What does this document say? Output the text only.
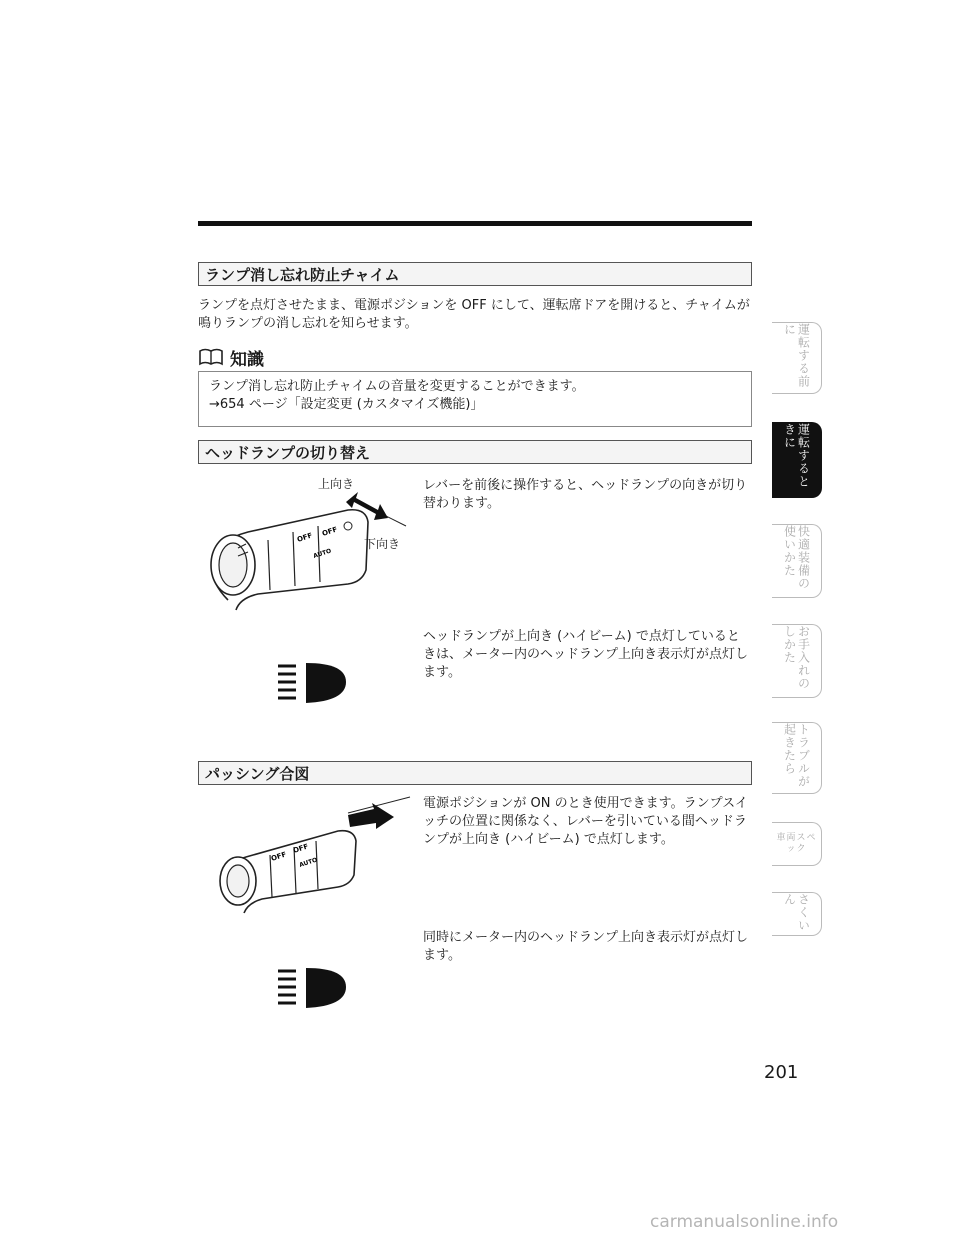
ランプ消し忘れ防止チャイム

ランプを点灯させたまま、電源ポジションを OFF にして、運転席ドアを開けると、チャイムが鳴りランプの消し忘れを知らせます。

知識
ランプ消し忘れ防止チャイムの音量を変更することができます。
→654 ページ「設定変更 (カスタマイズ機能)」
ヘッドランプの切り替え
OFF OFF
AUTO
上向き
下向き

レバーを前後に操作すると、ヘッドランプの向きが切り替わります。

ヘッドランプが上向き (ハイビーム) で点灯しているときは、メーター内のヘッドランプ上向き表示灯が点灯します。

パッシング合図
OFF
OFF
AUTO

電源ポジションが ON のとき使用できます。ランプスイッチの位置に関係なく、レバーを引いている間ヘッドランプが上向き (ハイビーム) で点灯します。

同時にメーター内のヘッドランプ上向き表示灯が点灯します。

運転する前に
運転するときに
快適装備の使いかた
お手入れのしかた
トラブルが起きたら
車両スペック
さくいん
201
carmanualsonline.info
